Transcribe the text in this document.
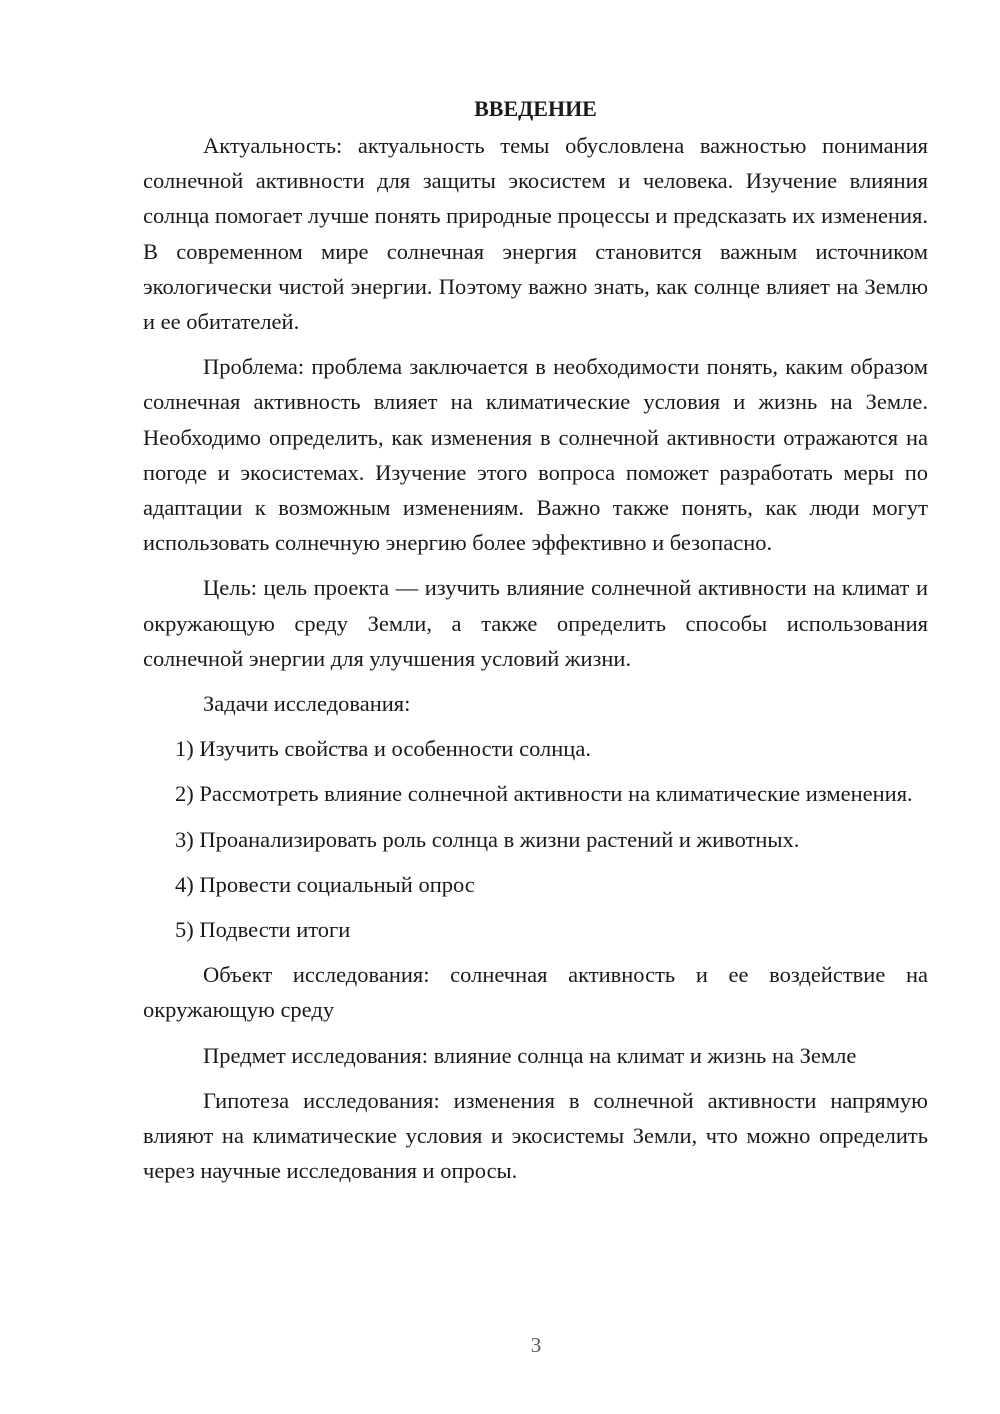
ВВЕДЕНИЕ

Актуальность: актуальность темы обусловлена важностью понимания солнечной активности для защиты экосистем и человека. Изучение влияния солнца помогает лучше понять природные процессы и предсказать их изменения. В современном мире солнечная энергия становится важным источником экологически чистой энергии. Поэтому важно знать, как солнце влияет на Землю и ее обитателей.

Проблема: проблема заключается в необходимости понять, каким образом солнечная активность влияет на климатические условия и жизнь на Земле. Необходимо определить, как изменения в солнечной активности отражаются на погоде и экосистемах. Изучение этого вопроса поможет разработать меры по адаптации к возможным изменениям. Важно также понять, как люди могут использовать солнечную энергию более эффективно и безопасно.

Цель: цель проекта — изучить влияние солнечной активности на климат и окружающую среду Земли, а также определить способы использования солнечной энергии для улучшения условий жизни.

Задачи исследования:

1) Изучить свойства и особенности солнца.

2) Рассмотреть влияние солнечной активности на климатические изменения.

3) Проанализировать роль солнца в жизни растений и животных.

4) Провести социальный опрос

5) Подвести итоги

Объект исследования: солнечная активность и ее воздействие на окружающую среду

Предмет исследования: влияние солнца на климат и жизнь на Земле

Гипотеза исследования: изменения в солнечной активности напрямую влияют на климатические условия и экосистемы Земли, что можно определить через научные исследования и опросы.

3
